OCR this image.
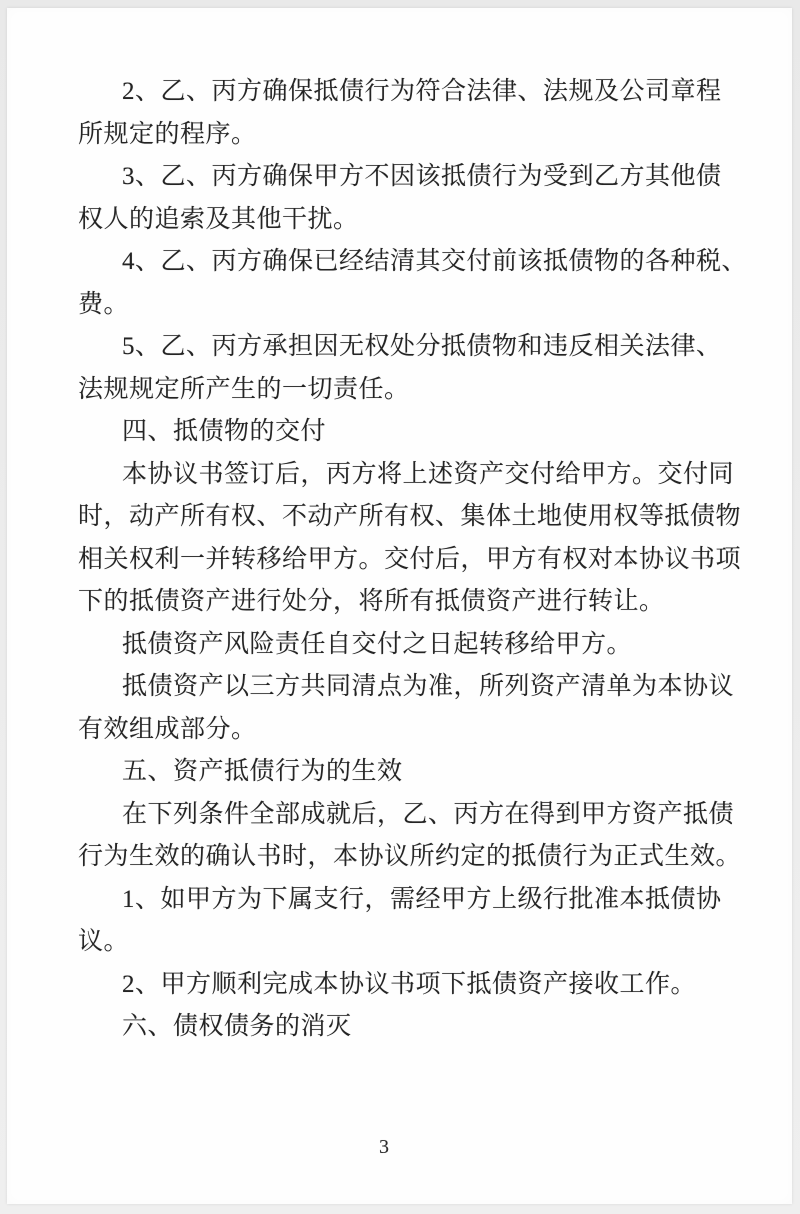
2、乙、丙方确保抵债行为符合法律、法规及公司章程
所规定的程序。
3、乙、丙方确保甲方不因该抵债行为受到乙方其他债
权人的追索及其他干扰。
4、乙、丙方确保已经结清其交付前该抵债物的各种税、
费。
5、乙、丙方承担因无权处分抵债物和违反相关法律、
法规规定所产生的一切责任。
四、抵债物的交付
本协议书签订后，丙方将上述资产交付给甲方。交付同
时，动产所有权、不动产所有权、集体土地使用权等抵债物
相关权利一并转移给甲方。交付后，甲方有权对本协议书项
下的抵债资产进行处分，将所有抵债资产进行转让。
抵债资产风险责任自交付之日起转移给甲方。
抵债资产以三方共同清点为准，所列资产清单为本协议
有效组成部分。
五、资产抵债行为的生效
在下列条件全部成就后，乙、丙方在得到甲方资产抵债
行为生效的确认书时，本协议所约定的抵债行为正式生效。
1、如甲方为下属支行，需经甲方上级行批准本抵债协
议。
2、甲方顺利完成本协议书项下抵债资产接收工作。
六、债权债务的消灭
3
